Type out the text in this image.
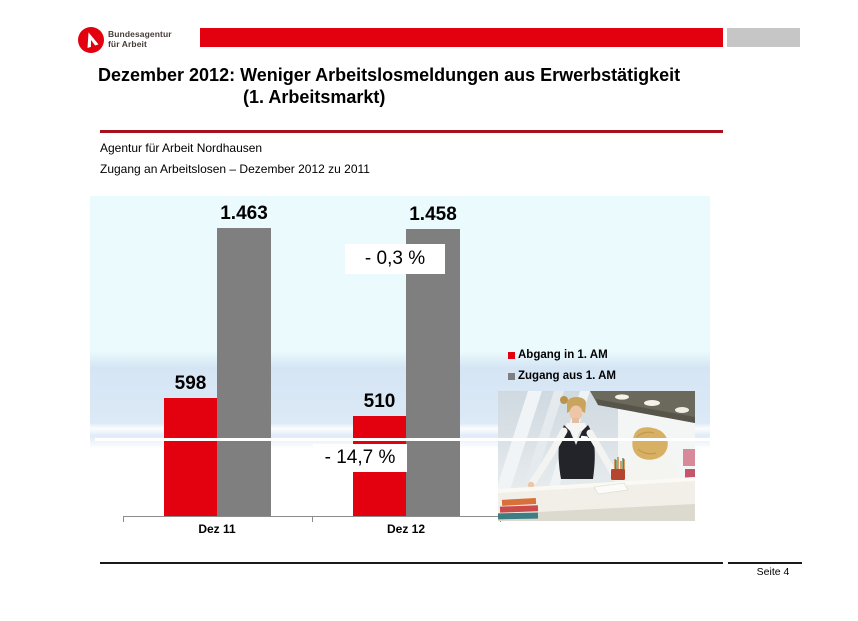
Bundesagentur
für Arbeit
Dezember 2012: Weniger Arbeitslosmeldungen aus Erwerbstätigkeit
(1. Arbeitsmarkt)
Agentur für Arbeit Nordhausen
Zugang an Arbeitslosen – Dezember 2012 zu 2011
Abgang in 1. AM
Zugang aus 1. AM
598
1.463
Dez 11
510
1.458
Dez 12
- 0,3 %
- 14,7 %
Seite 4
